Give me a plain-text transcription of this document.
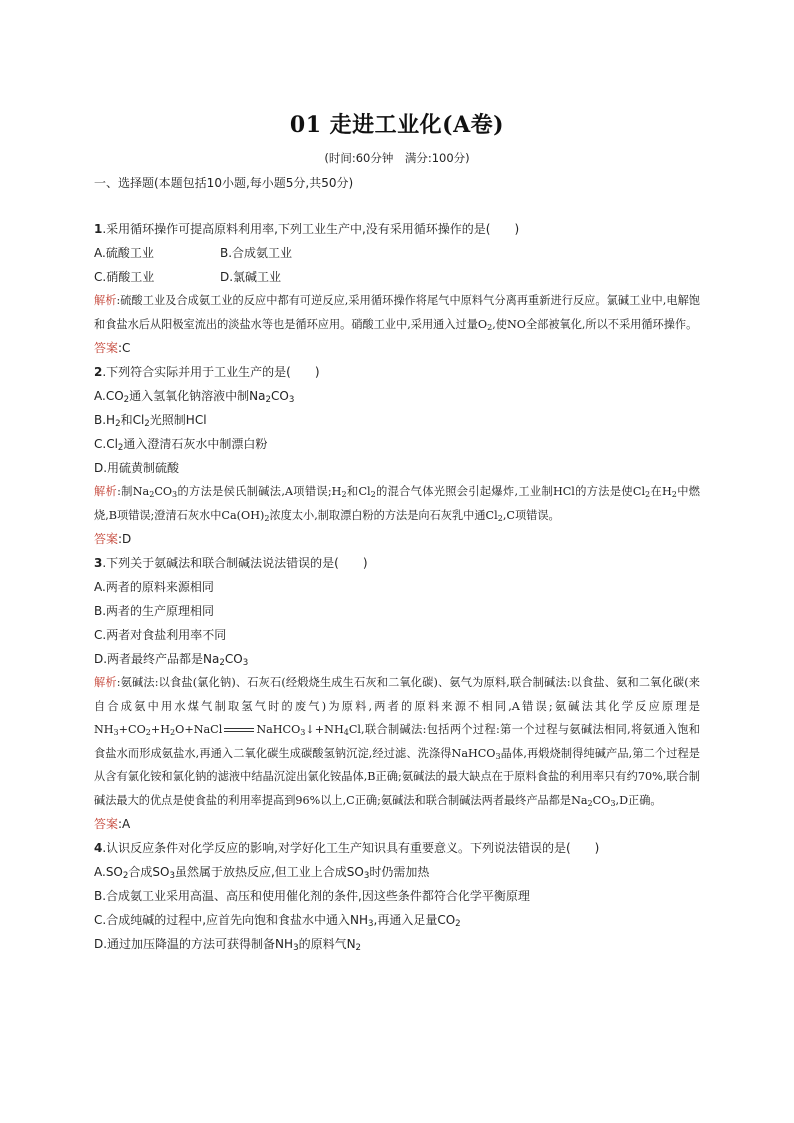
01 走进工业化(A卷)
(时间:60分钟　满分:100分)
一、选择题(本题包括10小题,每小题5分,共50分)
1.采用循环操作可提高原料利用率,下列工业生产中,没有采用循环操作的是(　　)
A.硫酸工业	B.合成氨工业
C.硝酸工业	D.氯碱工业
解析:硫酸工业及合成氨工业的反应中都有可逆反应,采用循环操作将尾气中原料气分离再重新进行反应。氯碱工业中,电解饱和食盐水后从阳极室流出的淡盐水等也是循环应用。硝酸工业中,采用通入过量$O_2$,使NO全部被氧化,所以不采用循环操作。
答案:C
2.下列符合实际并用于工业生产的是(　　)
$A.CO_2$通入氢氧化钠溶液中制$Na_2CO_3$
$B.H_2$和$Cl_2$光照制HCl
$C.Cl_2$通入澄清石灰水中制漂白粉
D.用硫黄制硫酸
解析:制$Na_2CO_3$的方法是侯氏制碱法,A项错误$;H_2$和$Cl_2$的混合气体光照会引起爆炸,工业制HCl的方法是使$Cl_2$在$H_2$中燃烧,B项错误;澄清石灰水中$Ca(OH)_2$浓度太小,制取漂白粉的方法是向石灰乳中通$Cl_2,C$项错误。
答案:D
3.下列关于氨碱法和联合制碱法说法错误的是(　　)
A.两者的原料来源相同
B.两者的生产原理相同
C.两者对食盐利用率不同
D.两者最终产品都是$Na_2CO_3$
解析:氨碱法:以食盐(氯化钠)、石灰石(经煅烧生成生石灰和二氧化碳)、氨气为原料,联合制碱法:以食盐、氨和二氧化碳(来自合成氨中用水煤气制取氢气时的废气)为原料,两者的原料来源不相同,A错误;氨碱法其化学反应原理是$NH_3+CO_2+H_2O+NaCl$	$NaHCO_3↓+NH_4Cl$,联合制碱法:包括两个过程:第一个过程与氨碱法相同,将氨通入饱和食盐水而形成氨盐水,再通入二氧化碳生成碳酸氢钠沉淀,经过滤、洗涤得NaHCO$_3$晶体,再煅烧制得纯碱产品,第二个过程是从含有氯化铵和氯化钠的滤液中结晶沉淀出氯化铵晶体,B正确;氨碱法的最大缺点在于原料食盐的利用率只有约70%,联合制碱法最大的优点是使食盐的利用率提高到96%以上,C正确;氨碱法和联合制碱法两者最终产品都是$Na_2CO_3,D$正确。
答案:A
4.认识反应条件对化学反应的影响,对学好化工生产知识具有重要意义。下列说法错误的是(　　)
$A.SO_2$合成$SO_3$虽然属于放热反应,但工业上合成$SO_3$时仍需加热
B.合成氨工业采用高温、高压和使用催化剂的条件,因这些条件都符合化学平衡原理
C.合成纯碱的过程中,应首先向饱和食盐水中通入$NH_3$,再通入足量$CO_2$
D.通过加压降温的方法可获得制备$NH_3$的原料气$N_2$
